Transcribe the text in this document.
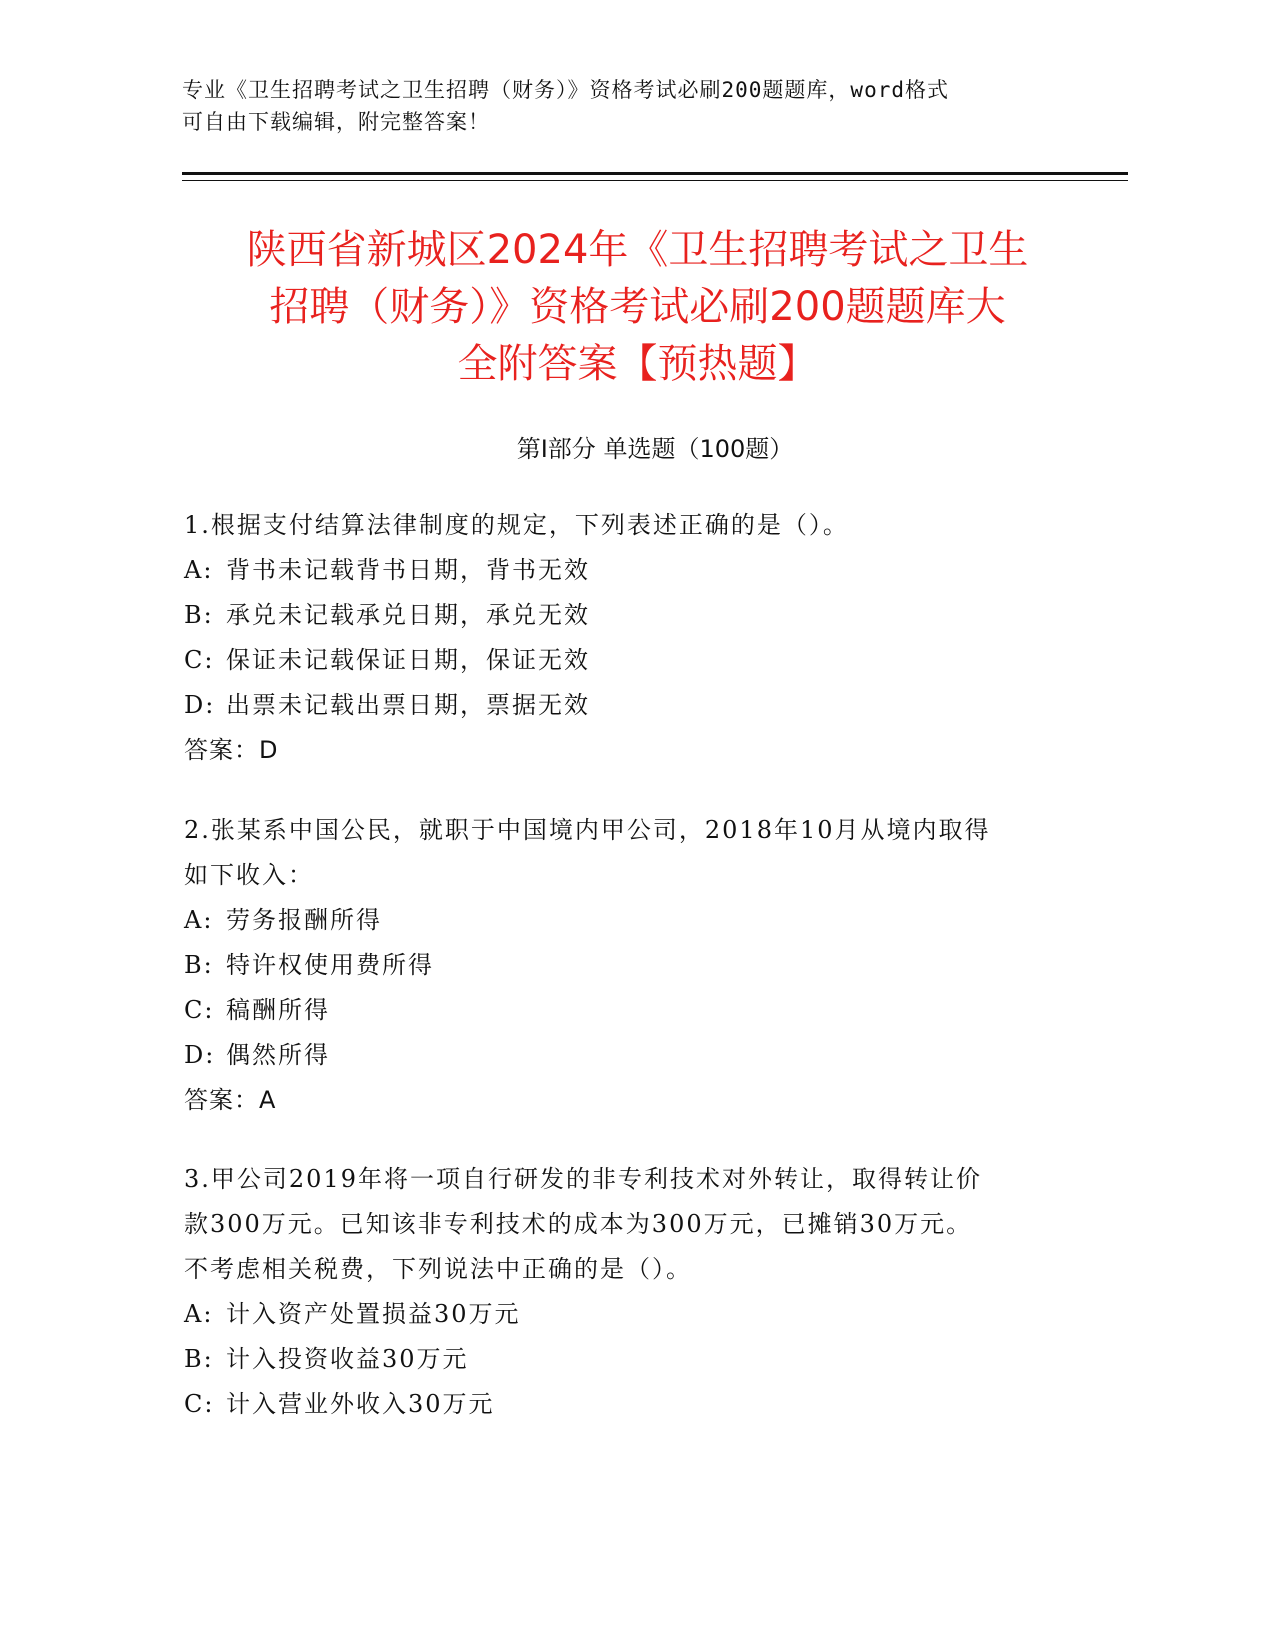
专业《卫生招聘考试之卫生招聘（财务）》资格考试必刷200题题库，word格式
可自由下载编辑，附完整答案！
陕西省新城区2024年《卫生招聘考试之卫生
招聘（财务）》资格考试必刷200题题库大
全附答案【预热题】
第Ⅰ部分 单选题（100题）
1.根据支付结算法律制度的规定，下列表述正确的是（）。
A: 背书未记载背书日期，背书无效
B: 承兑未记载承兑日期，承兑无效
C: 保证未记载保证日期，保证无效
D: 出票未记载出票日期，票据无效
答案：D
2.张某系中国公民，就职于中国境内甲公司，2018年10月从境内取得
如下收入：
A: 劳务报酬所得
B: 特许权使用费所得
C: 稿酬所得
D: 偶然所得
答案：A
3.甲公司2019年将一项自行研发的非专利技术对外转让，取得转让价
款300万元。已知该非专利技术的成本为300万元，已摊销30万元。
不考虑相关税费，下列说法中正确的是（）。
A: 计入资产处置损益30万元
B: 计入投资收益30万元
C: 计入营业外收入30万元
